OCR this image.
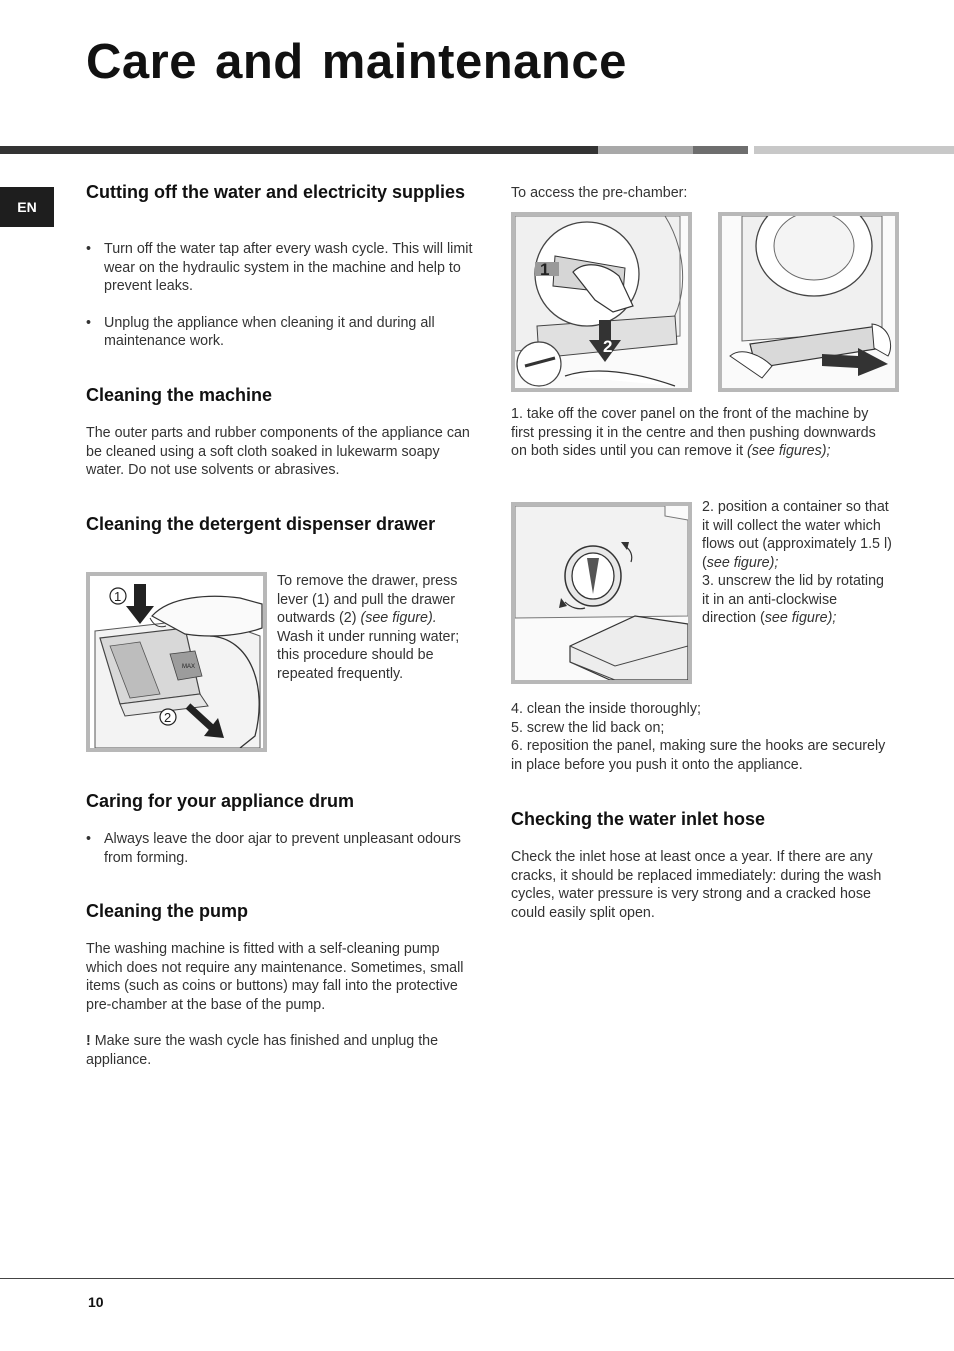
Care and maintenance
EN
Cutting off the water and electricity supplies
• Turn off the water tap after every wash cycle. This will limit wear on the hydraulic system in the machine and help to prevent leaks.
• Unplug the appliance when cleaning it and during all maintenance work.
Cleaning the machine

The outer parts and rubber components of the appliance can be cleaned using a soft cloth soaked in lukewarm soapy water. Do not use solvents or abrasives.

Cleaning the detergent dispenser drawer
MAX
1
2

To remove the drawer, press lever (1) and pull the drawer outwards (2) (see figure). Wash it under running water; this procedure should be repeated frequently.

Caring for your appliance drum
• Always leave the door ajar to prevent unpleasant odours from forming.
Cleaning the pump

The washing machine is fitted with a self-cleaning pump which does not require any maintenance. Sometimes, small items (such as coins or buttons) may fall into the protective pre-chamber at the base of the pump.

! Make sure the wash cycle has finished and unplug the appliance.

To access the pre-chamber:

1
2

1. take off the cover panel on the front of the machine by first pressing it in the centre and then pushing downwards on both sides until you can remove it (see figures);

2. position a container so that it will collect the water which flows out (approximately 1.5 l) (see figure);
3. unscrew the lid by rotating it in an anti-clockwise direction (see figure);
4. clean the inside thoroughly;
5. screw the lid back on;
6. reposition the panel, making sure the hooks are securely in place before you push it onto the appliance.
Checking the water inlet hose

Check the inlet hose at least once a year. If there are any cracks, it should be replaced immediately: during the wash cycles, water pressure is very strong and a cracked hose could easily split open.

10
